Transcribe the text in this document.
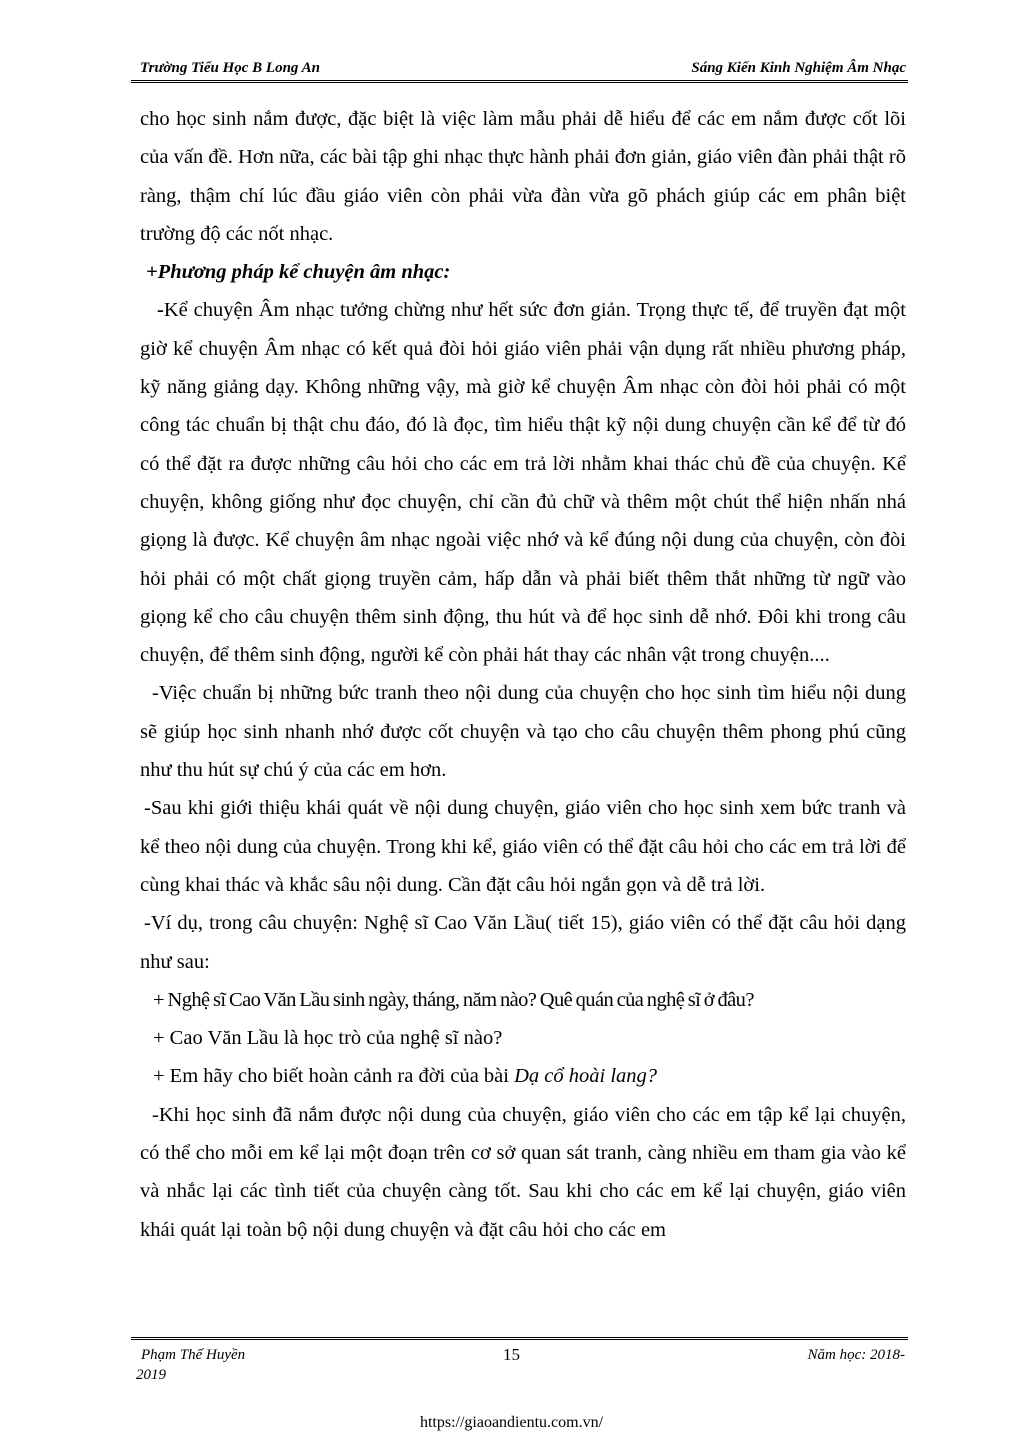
Trường Tiểu Học B Long An	Sáng Kiến Kinh Nghiệm Âm Nhạc

cho học sinh nắm được, đặc biệt là việc làm mẫu phải dễ hiểu để các em nắm được cốt lõi của vấn đề. Hơn nữa, các bài tập ghi nhạc thực hành phải đơn giản, giáo viên đàn phải thật rõ ràng, thậm chí lúc đầu giáo viên còn phải vừa đàn vừa gõ phách giúp các em phân biệt trường độ các nốt nhạc.

+Phương pháp kể chuyện âm nhạc:

-Kể chuyện Âm nhạc tưởng chừng như hết sức đơn giản. Trọng thực tế, để truyền đạt một giờ kể chuyện Âm nhạc có kết quả đòi hỏi giáo viên phải vận dụng rất nhiều phương pháp, kỹ năng giảng dạy. Không những vậy, mà giờ kể chuyện Âm nhạc còn đòi hỏi phải có một công tác chuẩn bị thật chu đáo, đó là đọc, tìm hiểu thật kỹ nội dung chuyện cần kể để từ đó có thể đặt ra được những câu hỏi cho các em trả lời nhằm khai thác chủ đề của chuyện. Kể chuyện, không giống như đọc chuyện, chỉ cần đủ chữ và thêm một chút thể hiện nhấn nhá giọng là được. Kể chuyện âm nhạc ngoài việc nhớ và kể đúng nội dung của chuyện, còn đòi hỏi phải có một chất giọng truyền cảm, hấp dẫn và phải biết thêm thắt những từ ngữ vào giọng kể cho câu chuyện thêm sinh động, thu hút và để học sinh dễ nhớ. Đôi khi trong câu chuyện, để thêm sinh động, người kể còn phải hát thay các nhân vật trong chuyện....

-Việc chuẩn bị những bức tranh theo nội dung của chuyện cho học sinh tìm hiểu nội dung sẽ giúp học sinh nhanh nhớ được cốt chuyện và tạo cho câu chuyện thêm phong phú cũng như thu hút sự chú ý của các em hơn.

-Sau khi giới thiệu khái quát về nội dung chuyện, giáo viên cho học sinh xem bức tranh và kể theo nội dung của chuyện. Trong khi kể, giáo viên có thể đặt câu hỏi cho các em trả lời để cùng khai thác và khắc sâu nội dung. Cần đặt câu hỏi ngắn gọn và dễ trả lời.

-Ví dụ, trong câu chuyện: Nghệ sĩ Cao Văn Lầu( tiết 15), giáo viên có thể đặt câu hỏi dạng như sau:

+ Nghệ sĩ Cao Văn Lầu sinh ngày, tháng, năm nào? Quê quán của nghệ sĩ ở đâu?

+ Cao Văn Lầu là học trò của nghệ sĩ nào?

+ Em hãy cho biết hoàn cảnh ra đời của bài Dạ cổ hoài lang?

-Khi học sinh đã nắm được nội dung của chuyện, giáo viên cho các em tập kể lại chuyện, có thể cho mỗi em kể lại một đoạn trên cơ sở quan sát tranh, càng nhiều em tham gia vào kể và nhắc lại các tình tiết của chuyện càng tốt. Sau khi cho các em kể lại chuyện, giáo viên khái quát lại toàn bộ nội dung chuyện và đặt câu hỏi cho các em

Phạm Thế Huyền	15	Năm học: 2018-
2019
https://giaoandientu.com.vn/
